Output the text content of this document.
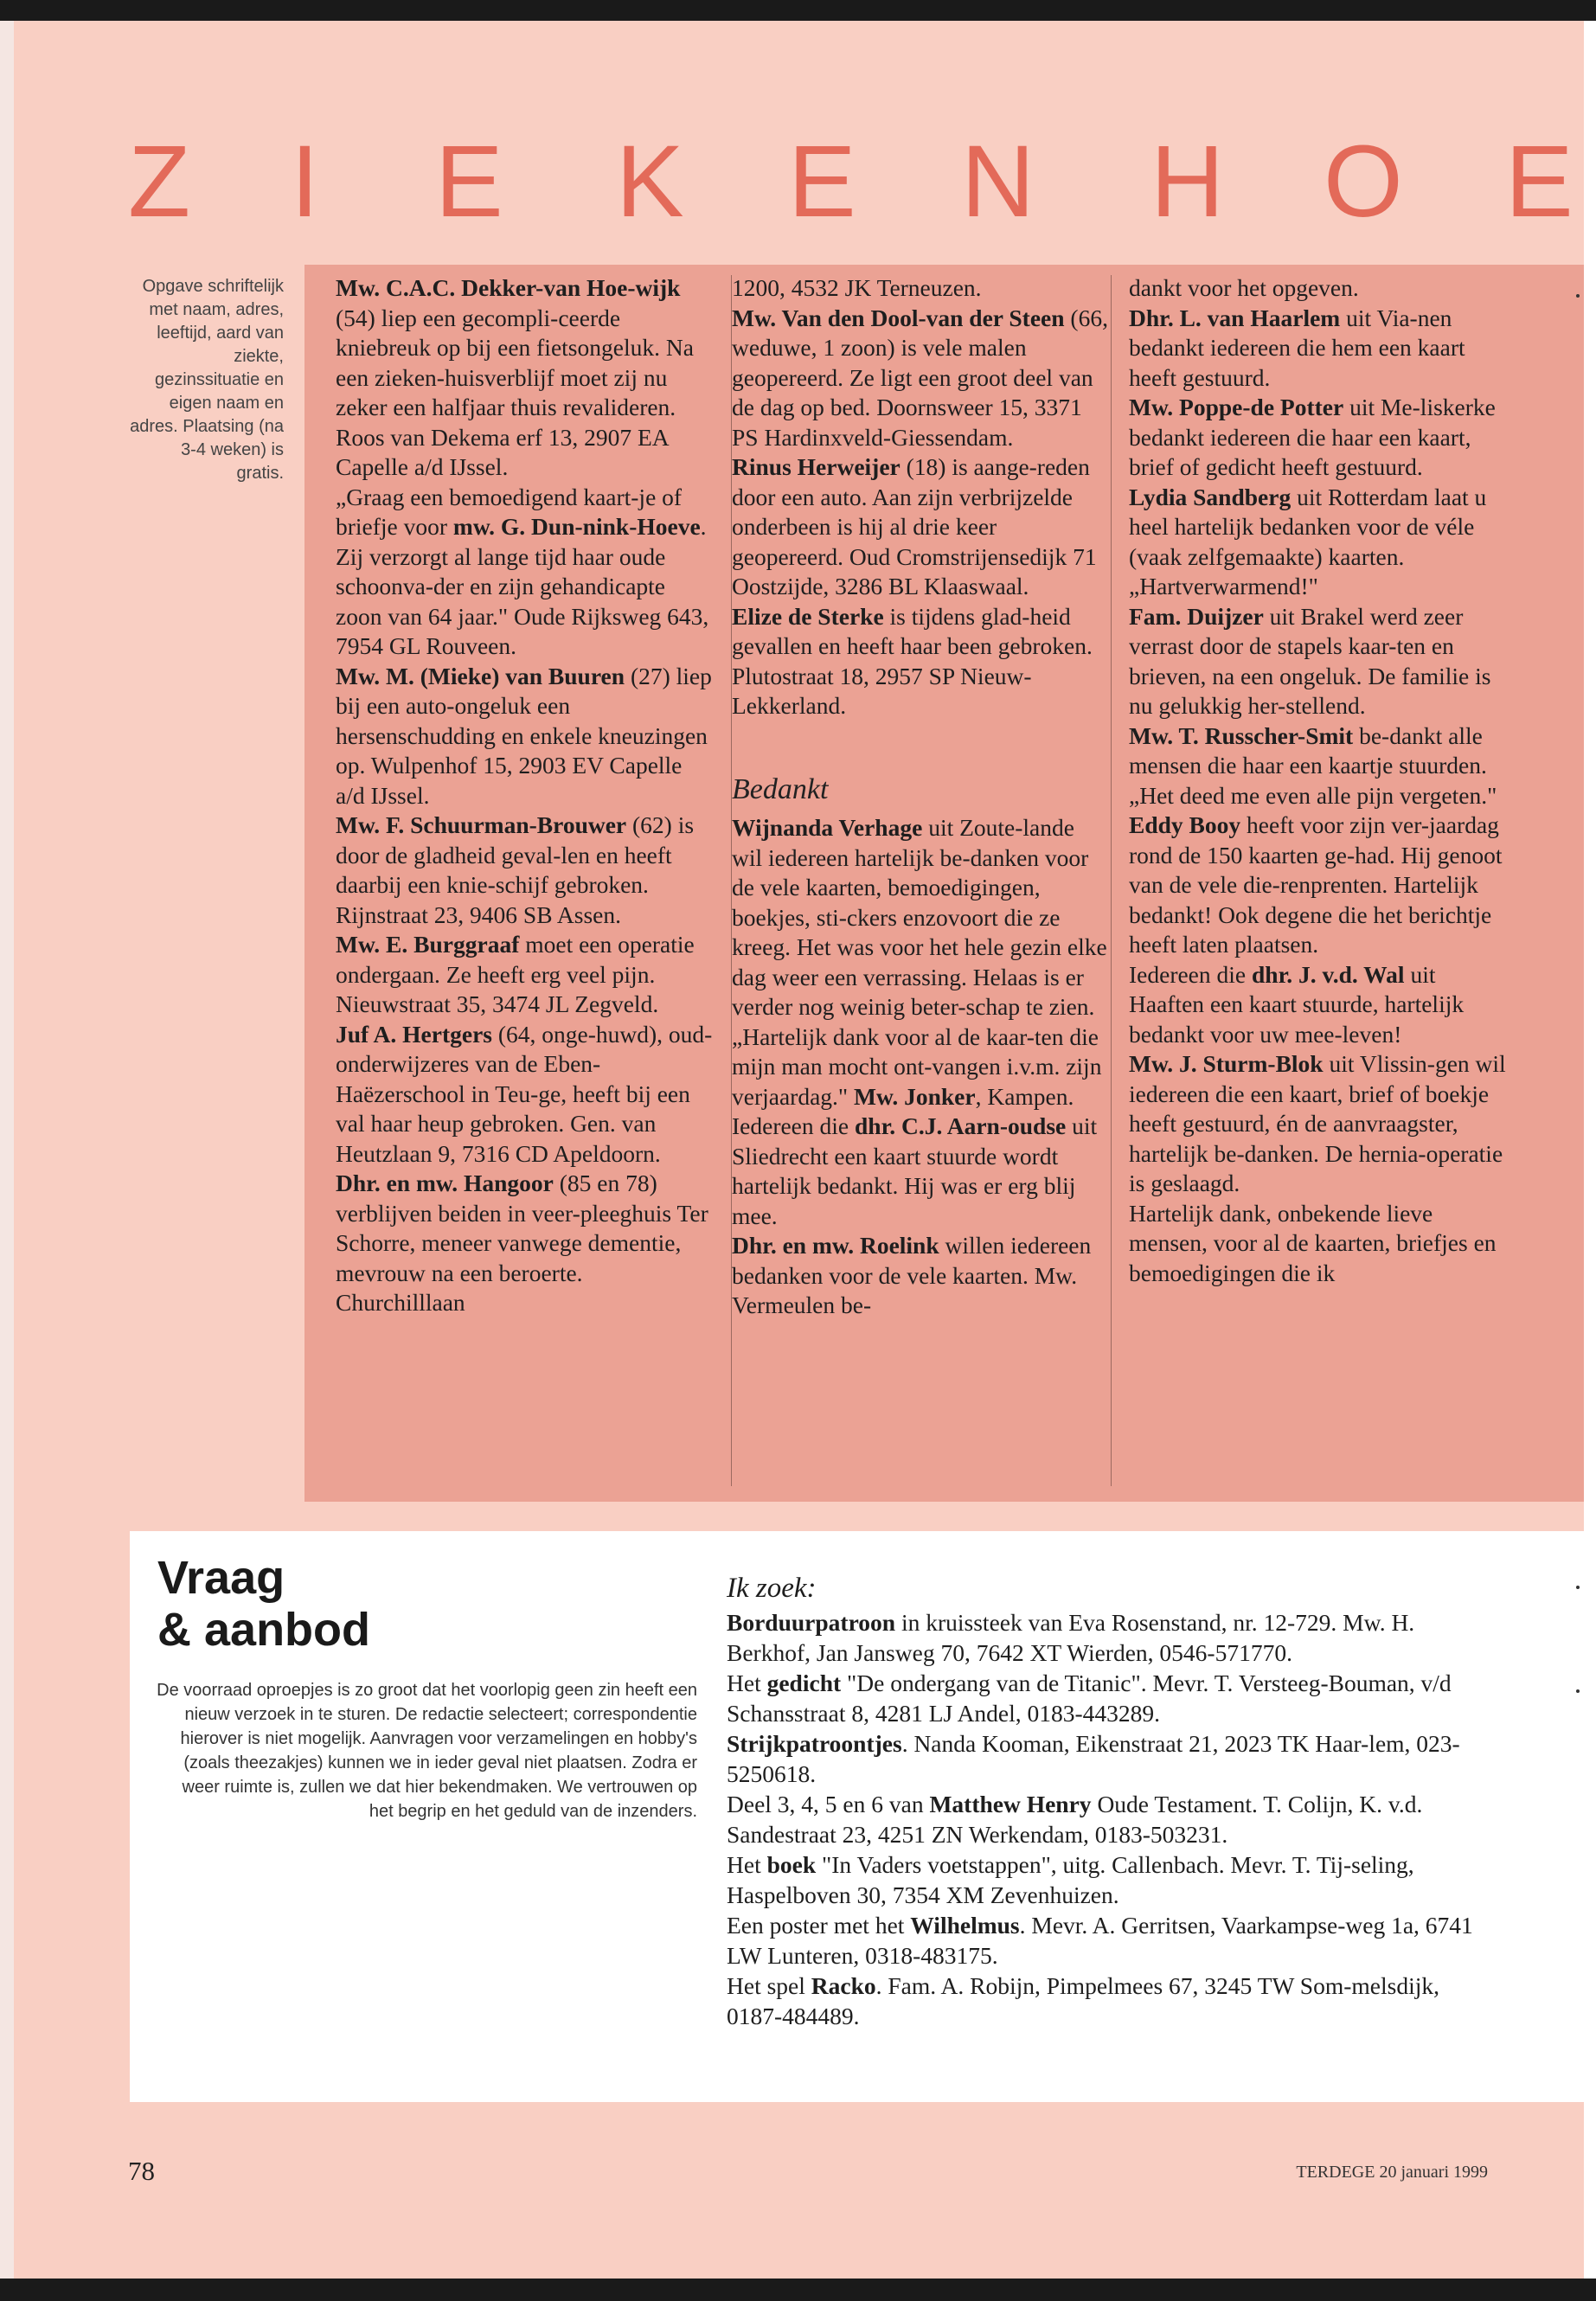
Z I E K E N H O E
Opgave schriftelijk met naam, adres, leeftijd, aard van ziekte, gezinssituatie en eigen naam en adres. Plaatsing (na 3-4 weken) is gratis.

Mw. C.A.C. Dekker-van Hoe-wijk (54) liep een gecompli-ceerde kniebreuk op bij een fietsongeluk. Na een zieken-huisverblijf moet zij nu zeker een halfjaar thuis revalideren. Roos van Dekema erf 13, 2907 EA Capelle a/d IJssel.

„Graag een bemoedigend kaart-je of briefje voor mw. G. Dun-nink-Hoeve. Zij verzorgt al lange tijd haar oude schoonva-der en zijn gehandicapte zoon van 64 jaar." Oude Rijksweg 643, 7954 GL Rouveen.

Mw. M. (Mieke) van Buuren (27) liep bij een auto-ongeluk een hersenschudding en enkele kneuzingen op. Wulpenhof 15, 2903 EV Capelle a/d IJssel.

Mw. F. Schuurman-Brouwer (62) is door de gladheid geval-len en heeft daarbij een knie-schijf gebroken. Rijnstraat 23, 9406 SB Assen.

Mw. E. Burggraaf moet een operatie ondergaan. Ze heeft erg veel pijn. Nieuwstraat 35, 3474 JL Zegveld.

Juf A. Hertgers (64, onge-huwd), oud-onderwijzeres van de Eben-Haëzerschool in Teu-ge, heeft bij een val haar heup gebroken. Gen. van Heutzlaan 9, 7316 CD Apeldoorn.

Dhr. en mw. Hangoor (85 en 78) verblijven beiden in veer-pleeghuis Ter Schorre, meneer vanwege dementie, mevrouw na een beroerte. Churchilllaan

1200, 4532 JK Terneuzen.

Mw. Van den Dool-van der Steen (66, weduwe, 1 zoon) is vele malen geopereerd. Ze ligt een groot deel van de dag op bed. Doornsweer 15, 3371 PS Hardinxveld-Giessendam.

Rinus Herweijer (18) is aange-reden door een auto. Aan zijn verbrijzelde onderbeen is hij al drie keer geopereerd. Oud Cromstrijensedijk 71 Oostzijde, 3286 BL Klaaswaal.

Elize de Sterke is tijdens glad-heid gevallen en heeft haar been gebroken. Plutostraat 18, 2957 SP Nieuw-Lekkerland.

Bedankt

Wijnanda Verhage uit Zoute-lande wil iedereen hartelijk be-danken voor de vele kaarten, bemoedigingen, boekjes, sti-ckers enzovoort die ze kreeg. Het was voor het hele gezin elke dag weer een verrassing. Helaas is er verder nog weinig beter-schap te zien.

„Hartelijk dank voor al de kaar-ten die mijn man mocht ont-vangen i.v.m. zijn verjaardag." Mw. Jonker, Kampen.

Iedereen die dhr. C.J. Aarn-oudse uit Sliedrecht een kaart stuurde wordt hartelijk bedankt. Hij was er erg blij mee.

Dhr. en mw. Roelink willen iedereen bedanken voor de vele kaarten. Mw. Vermeulen be-

dankt voor het opgeven.

Dhr. L. van Haarlem uit Via-nen bedankt iedereen die hem een kaart heeft gestuurd.

Mw. Poppe-de Potter uit Me-liskerke bedankt iedereen die haar een kaart, brief of gedicht heeft gestuurd.

Lydia Sandberg uit Rotterdam laat u heel hartelijk bedanken voor de véle (vaak zelfgemaakte) kaarten. „Hartverwarmend!"

Fam. Duijzer uit Brakel werd zeer verrast door de stapels kaar-ten en brieven, na een ongeluk. De familie is nu gelukkig her-stellend.

Mw. T. Russcher-Smit be-dankt alle mensen die haar een kaartje stuurden. „Het deed me even alle pijn vergeten."

Eddy Booy heeft voor zijn ver-jaardag rond de 150 kaarten ge-had. Hij genoot van de vele die-renprenten. Hartelijk bedankt! Ook degene die het berichtje heeft laten plaatsen.

Iedereen die dhr. J. v.d. Wal uit Haaften een kaart stuurde, hartelijk bedankt voor uw mee-leven!

Mw. J. Sturm-Blok uit Vlissin-gen wil iedereen die een kaart, brief of boekje heeft gestuurd, én de aanvraagster, hartelijk be-danken. De hernia-operatie is geslaagd.

Hartelijk dank, onbekende lieve mensen, voor al de kaarten, briefjes en bemoedigingen die ik

Vraag
& aanbod
De voorraad oproepjes is zo groot dat het voorlopig geen zin heeft een nieuw verzoek in te sturen. De redactie selecteert; correspondentie hierover is niet mogelijk. Aanvragen voor verzamelingen en hobby's (zoals theezakjes) kunnen we in ieder geval niet plaatsen. Zodra er weer ruimte is, zullen we dat hier bekendmaken. We vertrouwen op het begrip en het geduld van de inzenders.
Ik zoek:

Borduurpatroon in kruissteek van Eva Rosenstand, nr. 12-729. Mw. H. Berkhof, Jan Jansweg 70, 7642 XT Wierden, 0546-571770.

Het gedicht "De ondergang van de Titanic". Mevr. T. Versteeg-Bouman, v/d Schansstraat 8, 4281 LJ Andel, 0183-443289.

Strijkpatroontjes. Nanda Kooman, Eikenstraat 21, 2023 TK Haar-lem, 023-5250618.

Deel 3, 4, 5 en 6 van Matthew Henry Oude Testament. T. Colijn, K. v.d. Sandestraat 23, 4251 ZN Werkendam, 0183-503231.

Het boek "In Vaders voetstappen", uitg. Callenbach. Mevr. T. Tij-seling, Haspelboven 30, 7354 XM Zevenhuizen.

Een poster met het Wilhelmus. Mevr. A. Gerritsen, Vaarkampse-weg 1a, 6741 LW Lunteren, 0318-483175.

Het spel Racko. Fam. A. Robijn, Pimpelmees 67, 3245 TW Som-melsdijk, 0187-484489.

78	TERDEGE 20 januari 1999
